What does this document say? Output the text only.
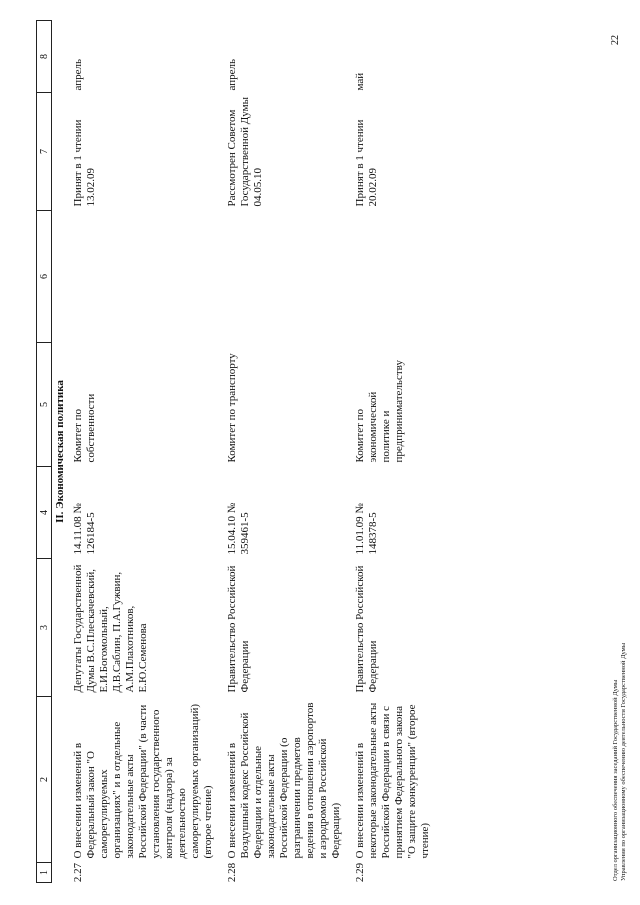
1	2	3	4	5	6	7	8
II. Экономическая политика							
2.27	О внесении изменений в Федеральный закон "О саморегулируемых организациях" и в отдельные законодательные акты Российской Федерации" (в части установления государственного контроля (надзора) за деятельностью саморегулируемых организаций) (второе чтение)	Депутаты Государственной Думы В.С.Плескачевский, Е.И.Богомольный, Д.В.Саблин, П.А.Гужвин, А.М.Плахотников, Е.Ю.Семенова	14.11.08 № 126184-5	Комитет по собственности		Принят в 1 чтении 13.02.09	апрель
2.28	О внесении изменений в Воздушный кодекс Российской Федерации и отдельные законодательные акты Российской Федерации (о разграничении предметов ведения в отношении аэропортов и аэродромов Российской Федерации)	Правительство Российской Федерации	15.04.10 № 359461-5	Комитет по транспорту		Рассмотрен Советом Государственной Думы 04.05.10	апрель
2.29	О внесении изменений в некоторые законодательные акты Российской Федерации в связи с принятием Федерального закона "О защите конкуренции" (второе чтение)	Правительство Российской Федерации	11.01.09 № 148378-5	Комитет по экономической политике и предпринимательству		Принят в 1 чтении 20.02.09	май
Отдел организационного обеспечения заседаний Государственной Думы Управления по организационному обеспечению деятельности Государственной Думы
22
